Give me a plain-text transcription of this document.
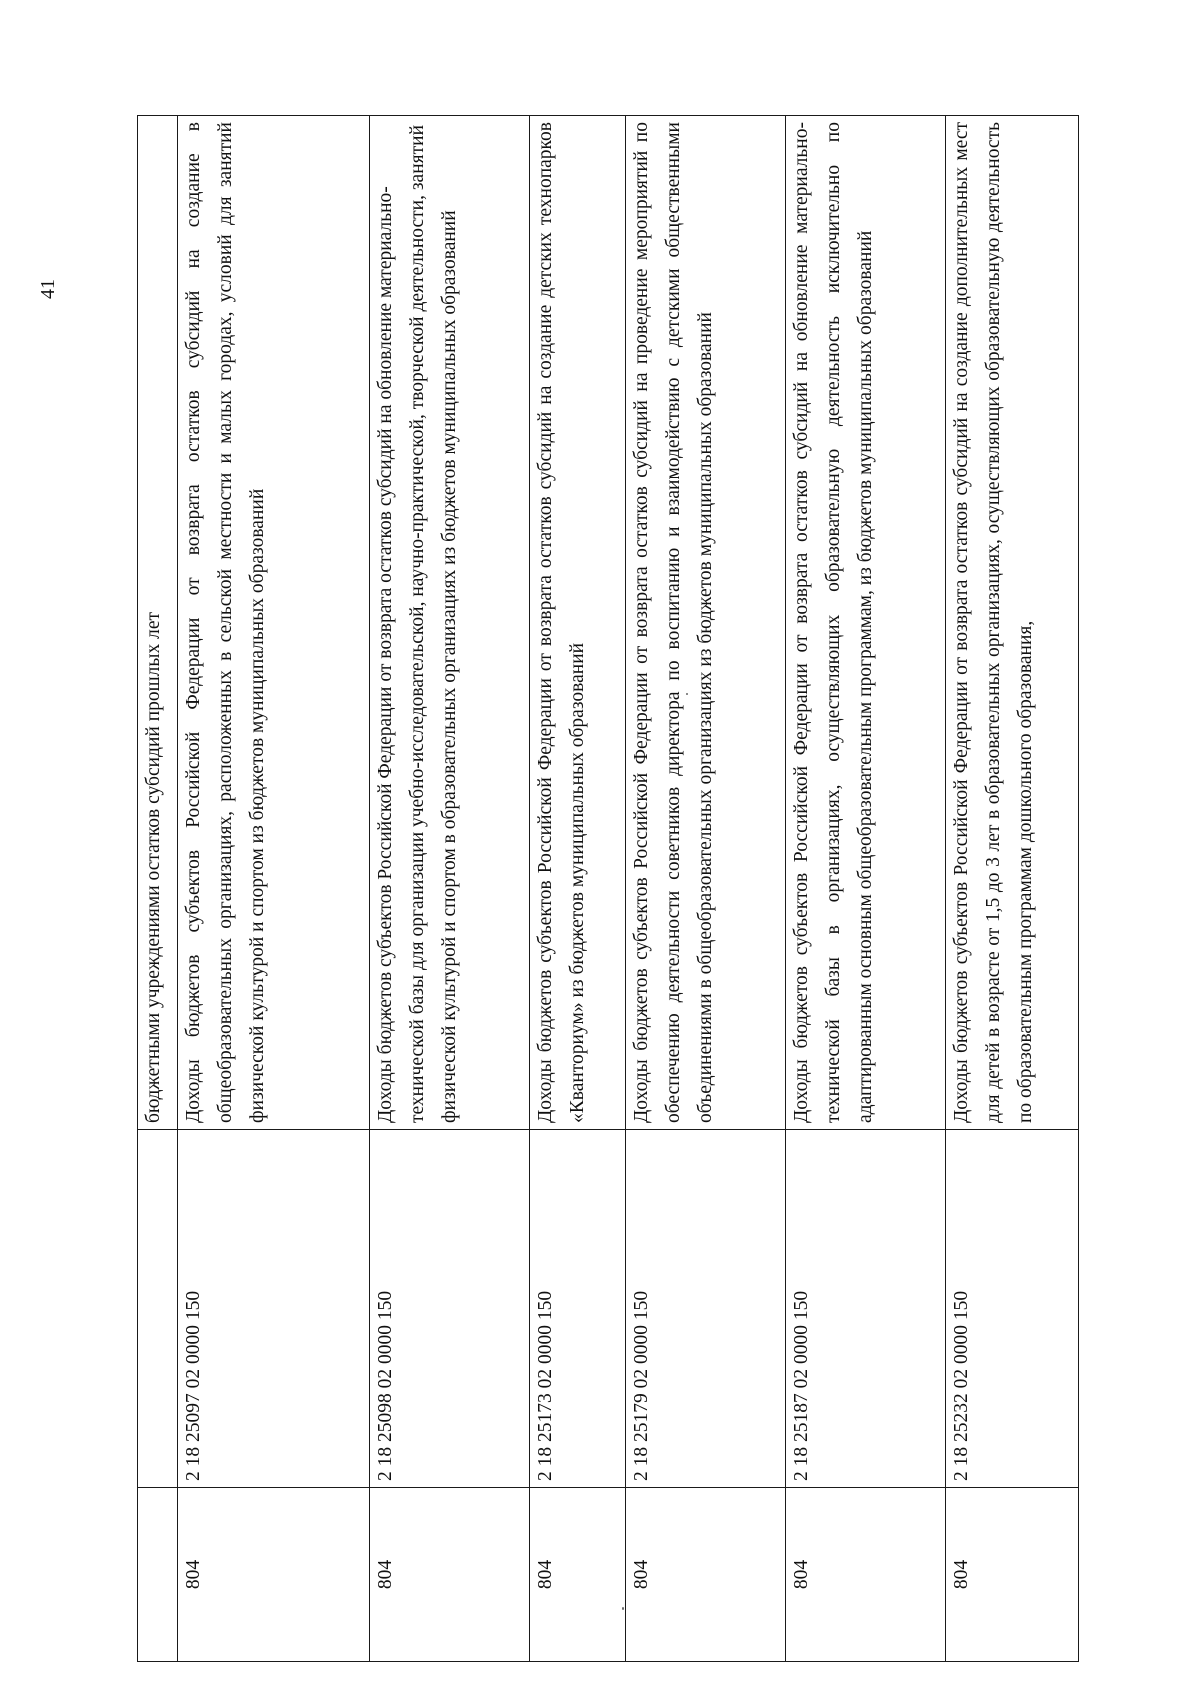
41
		бюджетными учреждениями остатков субсидий прошлых лет
804	2 18 25097 02 0000 150	Доходы бюджетов субъектов Российской Федерации от возврата остатков субсидий на создание в общеобразовательных организациях, расположенных в сельской местности и малых городах, условий для занятий физической культурой и спортом из бюджетов муниципальных образований
804	2 18 25098 02 0000 150	Доходы бюджетов субъектов Российской Федерации от возврата остатков субсидий на обновление материально-технической базы для организации учебно-исследовательской, научно-практической, творческой деятельности, занятий физической культурой и спортом в образовательных организациях из бюджетов муниципальных образований
804	2 18 25173 02 0000 150	Доходы бюджетов субъектов Российской Федерации от возврата остатков субсидий на создание детских технопарков «Кванториум» из бюджетов муниципальных образований
804	2 18 25179 02 0000 150	Доходы бюджетов субъектов Российской Федерации от возврата остатков субсидий на проведение мероприятий по обеспечению деятельности советников директора по воспитанию и взаимодействию с детскими общественными объединениями в общеобразовательных организациях из бюджетов муниципальных образований
804	2 18 25187 02 0000 150	Доходы бюджетов субъектов Российской Федерации от возврата остатков субсидий на обновление материально-технической базы в организациях, осуществляющих образовательную деятельность исключительно по адаптированным основным общеобразовательным программам, из бюджетов муниципальных образований
804	2 18 25232 02 0000 150	Доходы бюджетов субъектов Российской Федерации от возврата остатков субсидий на создание дополнительных мест для детей в возрасте от 1,5 до 3 лет в образовательных организациях, осуществляющих образовательную деятельность по образовательным программам дошкольного образования,
